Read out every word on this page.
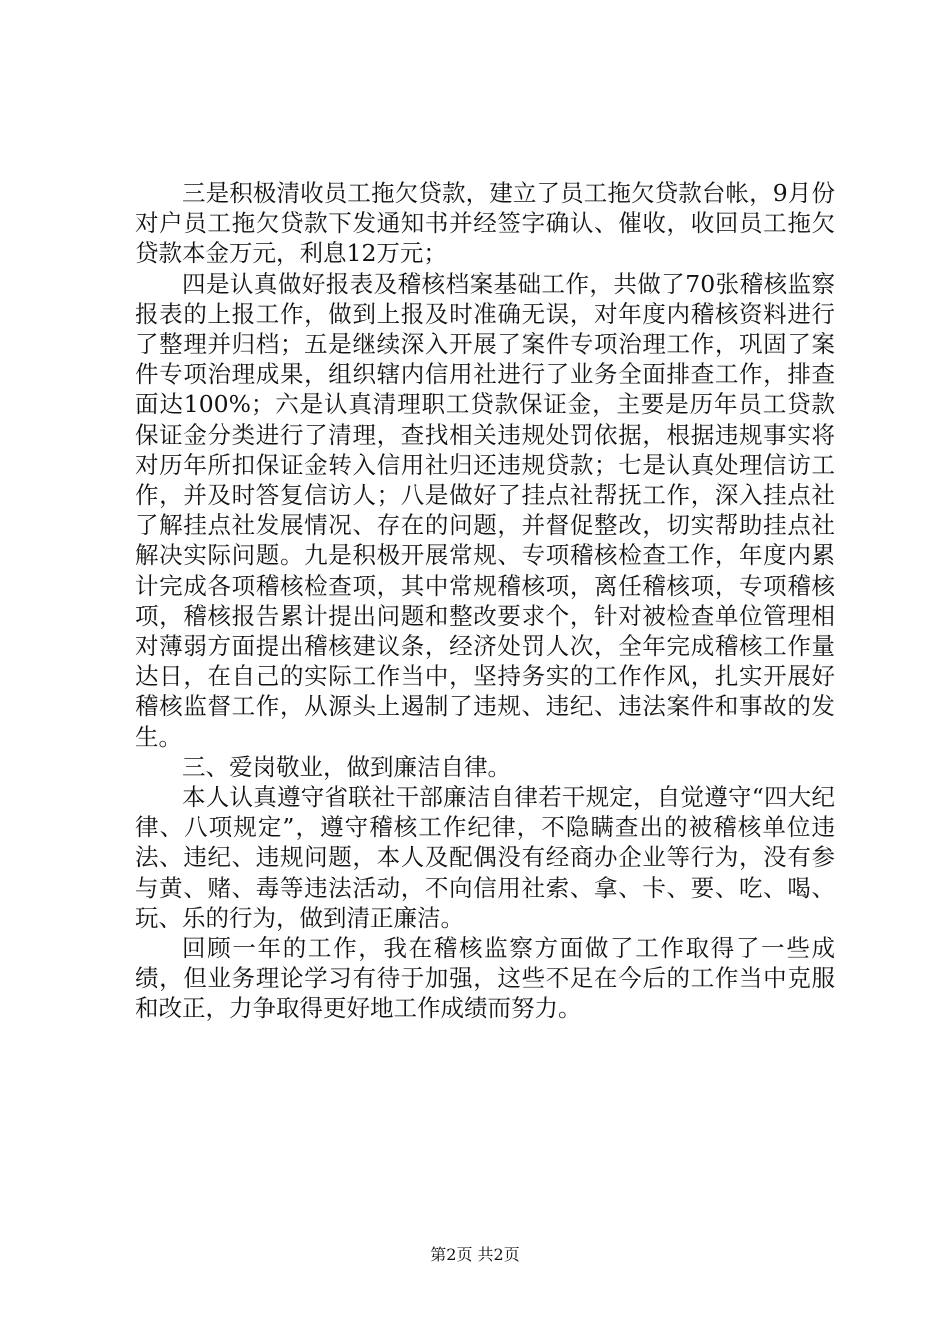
三是积极清收员工拖欠贷款，建立了员工拖欠贷款台帐，9月份对户员工拖欠贷款下发通知书并经签字确认、催收，收回员工拖欠贷款本金万元，利息12万元；

四是认真做好报表及稽核档案基础工作，共做了70张稽核监察报表的上报工作，做到上报及时准确无误，对年度内稽核资料进行了整理并归档；五是继续深入开展了案件专项治理工作，巩固了案件专项治理成果，组织辖内信用社进行了业务全面排查工作，排查面达100%；六是认真清理职工贷款保证金，主要是历年员工贷款保证金分类进行了清理，查找相关违规处罚依据，根据违规事实将对历年所扣保证金转入信用社归还违规贷款；七是认真处理信访工作，并及时答复信访人；八是做好了挂点社帮抚工作，深入挂点社了解挂点社发展情况、存在的问题，并督促整改，切实帮助挂点社解决实际问题。九是积极开展常规、专项稽核检查工作，年度内累计完成各项稽核检查项，其中常规稽核项，离任稽核项，专项稽核项，稽核报告累计提出问题和整改要求个，针对被检查单位管理相对薄弱方面提出稽核建议条，经济处罚人次，全年完成稽核工作量达日，在自己的实际工作当中，坚持务实的工作作风，扎实开展好稽核监督工作，从源头上遏制了违规、违纪、违法案件和事故的发生。

三、爱岗敬业，做到廉洁自律。

本人认真遵守省联社干部廉洁自律若干规定，自觉遵守“四大纪律、八项规定”，遵守稽核工作纪律，不隐瞒查出的被稽核单位违法、违纪、违规问题，本人及配偶没有经商办企业等行为，没有参与黄、赌、毒等违法活动，不向信用社索、拿、卡、要、吃、喝、玩、乐的行为，做到清正廉洁。

回顾一年的工作，我在稽核监察方面做了工作取得了一些成绩，但业务理论学习有待于加强，这些不足在今后的工作当中克服和改正，力争取得更好地工作成绩而努力。

第2页 共2页
